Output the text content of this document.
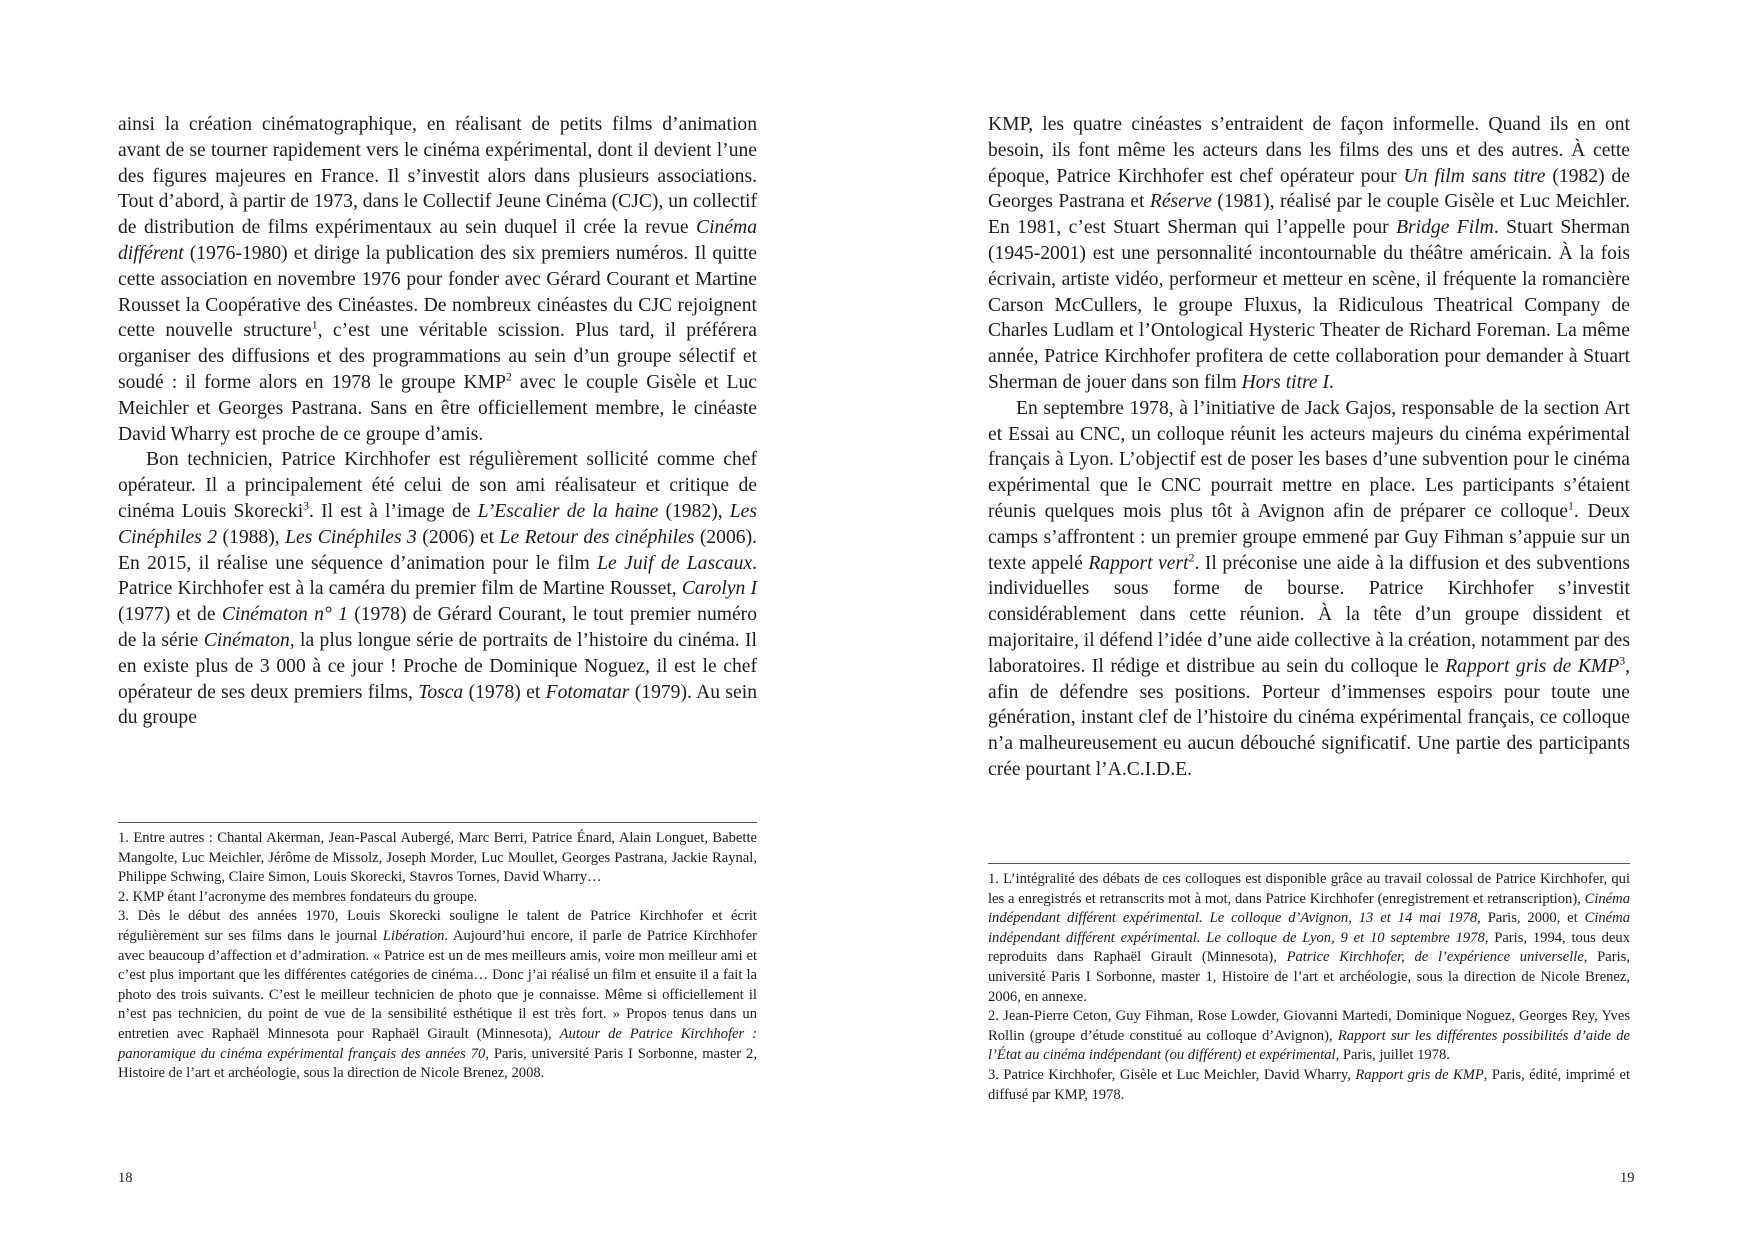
ainsi la création cinématographique, en réalisant de petits films d’animation avant de se tourner rapidement vers le cinéma expérimental, dont il devient l’une des figures majeures en France. Il s’investit alors dans plusieurs associations. Tout d’abord, à partir de 1973, dans le Collectif Jeune Cinéma (CJC), un collectif de distribution de films expérimentaux au sein duquel il crée la revue Cinéma différent (1976-1980) et dirige la publication des six premiers numéros. Il quitte cette association en novembre 1976 pour fonder avec Gérard Courant et Martine Rousset la Coopérative des Cinéastes. De nombreux cinéastes du CJC rejoignent cette nouvelle structure$^1$, c’est une véritable scission. Plus tard, il préférera organiser des diffusions et des programmations au sein d’un groupe sélectif et soudé : il forme alors en 1978 le groupe KMP$^2$ avec le couple Gisèle et Luc Meichler et Georges Pastrana. Sans en être officiellement membre, le cinéaste David Wharry est proche de ce groupe d’amis.

Bon technicien, Patrice Kirchhofer est régulièrement sollicité comme chef opérateur. Il a principalement été celui de son ami réalisateur et critique de cinéma Louis Skorecki$^3$. Il est à l’image de L’Escalier de la haine (1982), Les Cinéphiles 2 (1988), Les Cinéphiles 3 (2006) et Le Retour des cinéphiles (2006). En 2015, il réalise une séquence d’animation pour le film Le Juif de Lascaux. Patrice Kirchhofer est à la caméra du premier film de Martine Rousset, Carolyn I (1977) et de Cinématon n° 1 (1978) de Gérard Courant, le tout premier numéro de la série Cinématon, la plus longue série de portraits de l’histoire du cinéma. Il en existe plus de 3 000 à ce jour ! Proche de Dominique Noguez, il est le chef opérateur de ses deux premiers films, Tosca (1978) et Fotomatar (1979). Au sein du groupe

1. Entre autres : Chantal Akerman, Jean-Pascal Aubergé, Marc Berri, Patrice Énard, Alain Longuet, Babette Mangolte, Luc Meichler, Jérôme de Missolz, Joseph Morder, Luc Moullet, Georges Pastrana, Jackie Raynal, Philippe Schwing, Claire Simon, Louis Skorecki, Stavros Tornes, David Wharry…

2. KMP étant l’acronyme des membres fondateurs du groupe.

3. Dès le début des années 1970, Louis Skorecki souligne le talent de Patrice Kirchhofer et écrit régulièrement sur ses films dans le journal Libération. Aujourd’hui encore, il parle de Patrice Kirchhofer avec beaucoup d’affection et d’admiration. « Patrice est un de mes meilleurs amis, voire mon meilleur ami et c’est plus important que les différentes catégories de cinéma… Donc j’ai réalisé un film et ensuite il a fait la photo des trois suivants. C’est le meilleur technicien de photo que je connaisse. Même si officiellement il n’est pas technicien, du point de vue de la sensibilité esthétique il est très fort. » Propos tenus dans un entretien avec Raphaël Minnesota pour Raphaël Girault (Minnesota), Autour de Patrice Kirchhofer : panoramique du cinéma expérimental français des années 70, Paris, université Paris I Sorbonne, master 2, Histoire de l’art et archéologie, sous la direction de Nicole Brenez, 2008.

18

KMP, les quatre cinéastes s’entraident de façon informelle. Quand ils en ont besoin, ils font même les acteurs dans les films des uns et des autres. À cette époque, Patrice Kirchhofer est chef opérateur pour Un film sans titre (1982) de Georges Pastrana et Réserve (1981), réalisé par le couple Gisèle et Luc Meichler. En 1981, c’est Stuart Sherman qui l’appelle pour Bridge Film. Stuart Sherman (1945-2001) est une personnalité incontournable du théâtre américain. À la fois écrivain, artiste vidéo, performeur et metteur en scène, il fréquente la romancière Carson McCullers, le groupe Fluxus, la Ridiculous Theatrical Company de Charles Ludlam et l’Ontological Hysteric Theater de Richard Foreman. La même année, Patrice Kirchhofer profitera de cette collaboration pour demander à Stuart Sherman de jouer dans son film Hors titre I.

En septembre 1978, à l’initiative de Jack Gajos, responsable de la section Art et Essai au CNC, un colloque réunit les acteurs majeurs du cinéma expérimental français à Lyon. L’objectif est de poser les bases d’une subvention pour le cinéma expérimental que le CNC pourrait mettre en place. Les participants s’étaient réunis quelques mois plus tôt à Avignon afin de préparer ce colloque$^1$. Deux camps s’affrontent : un premier groupe emmené par Guy Fihman s’appuie sur un texte appelé Rapport vert$^2$. Il préconise une aide à la diffusion et des subventions individuelles sous forme de bourse. Patrice Kirchhofer s’investit considérablement dans cette réunion. À la tête d’un groupe dissident et majoritaire, il défend l’idée d’une aide collective à la création, notamment par des laboratoires. Il rédige et distribue au sein du colloque le Rapport gris de KMP$^3$, afin de défendre ses positions. Porteur d’immenses espoirs pour toute une génération, instant clef de l’histoire du cinéma expérimental français, ce colloque n’a malheureusement eu aucun débouché significatif. Une partie des participants crée pourtant l’A.C.I.D.E.

1. L’intégralité des débats de ces colloques est disponible grâce au travail colossal de Patrice Kirchhofer, qui les a enregistrés et retranscrits mot à mot, dans Patrice Kirchhofer (enregistrement et retranscription), Cinéma indépendant différent expérimental. Le colloque d’Avignon, 13 et 14 mai 1978, Paris, 2000, et Cinéma indépendant différent expérimental. Le colloque de Lyon, 9 et 10 septembre 1978, Paris, 1994, tous deux reproduits dans Raphaël Girault (Minnesota), Patrice Kirchhofer, de l’expérience universelle, Paris, université Paris I Sorbonne, master 1, Histoire de l’art et archéologie, sous la direction de Nicole Brenez, 2006, en annexe.

2. Jean-Pierre Ceton, Guy Fihman, Rose Lowder, Giovanni Martedi, Dominique Noguez, Georges Rey, Yves Rollin (groupe d’étude constitué au colloque d’Avignon), Rapport sur les différentes possibilités d’aide de l’État au cinéma indépendant (ou différent) et expérimental, Paris, juillet 1978.

3. Patrice Kirchhofer, Gisèle et Luc Meichler, David Wharry, Rapport gris de KMP, Paris, édité, imprimé et diffusé par KMP, 1978.

19
